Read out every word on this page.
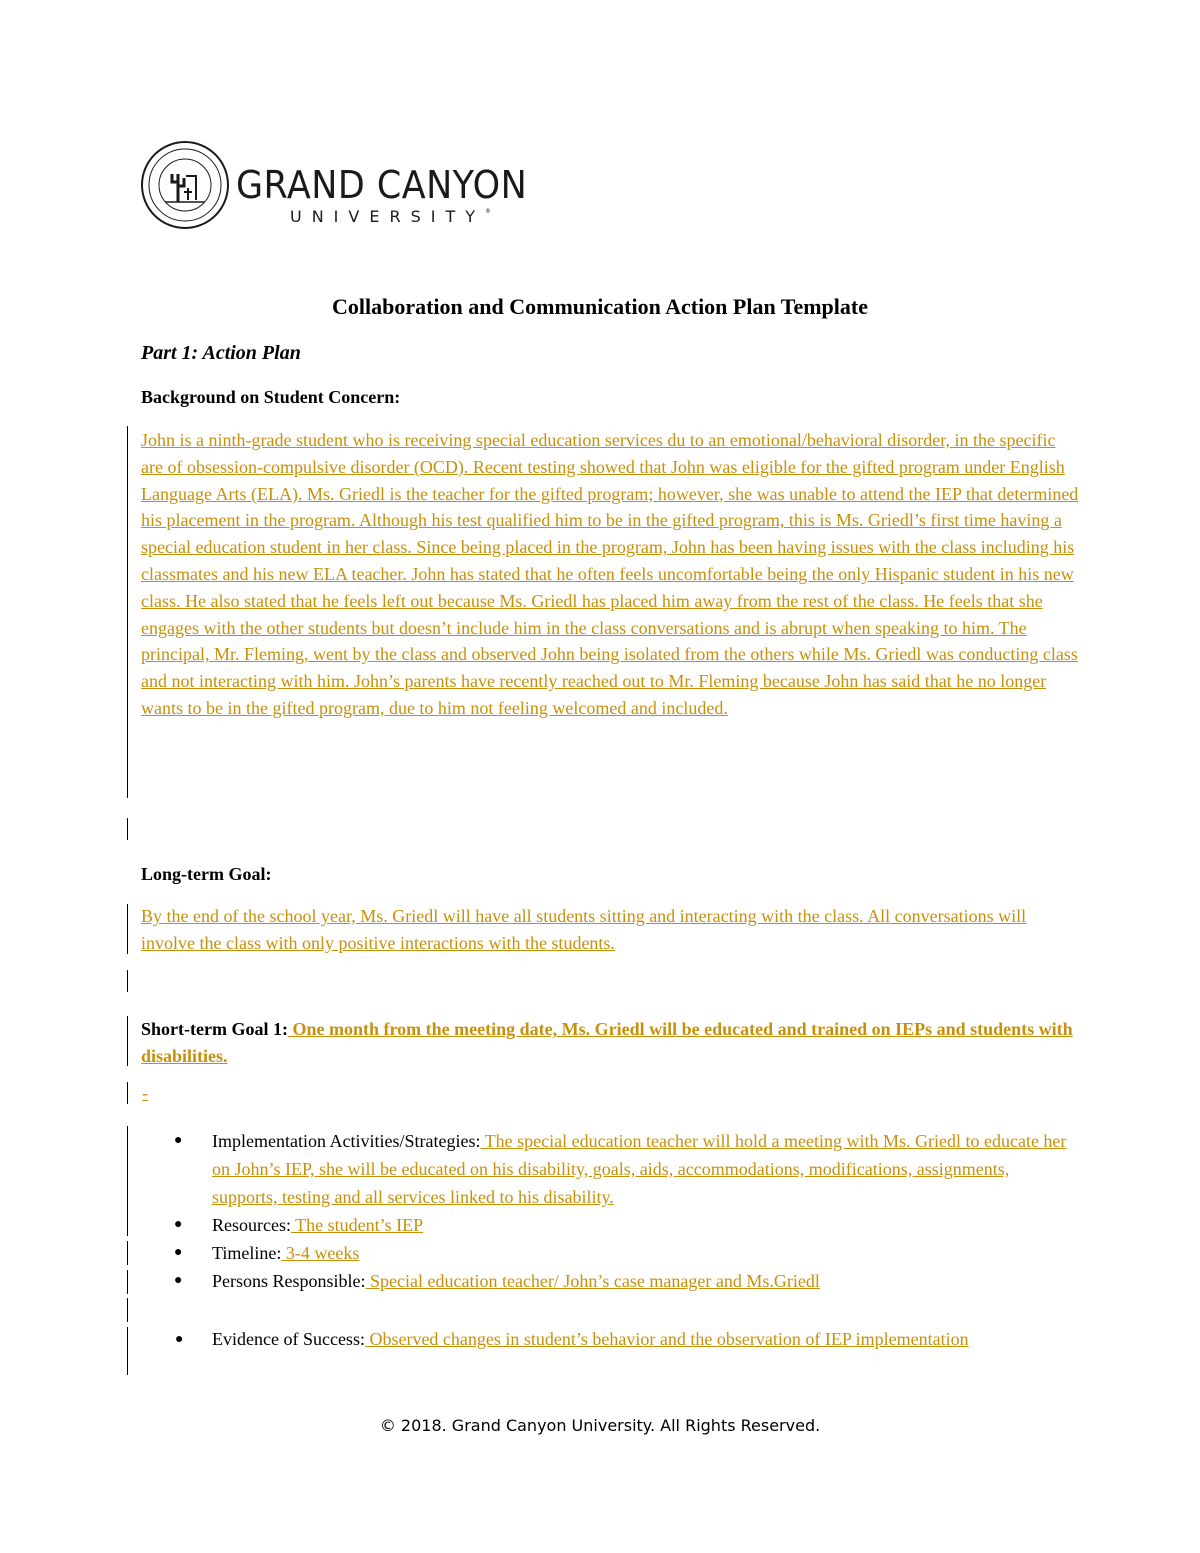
GRAND CANYON
UNIVERSITY®
Collaboration and Communication Action Plan Template
Part 1: Action Plan
Background on Student Concern:
John is a ninth-grade student who is receiving special education services du to an emotional/behavioral disorder, in the specific are of obsession-compulsive disorder (OCD). Recent testing showed that John was eligible for the gifted program under English Language Arts (ELA). Ms. Griedl is the teacher for the gifted program; however, she was unable to attend the IEP that determined his placement in the program. Although his test qualified him to be in the gifted program, this is Ms. Griedl’s first time having a special education student in her class. Since being placed in the program, John has been having issues with the class including his classmates and his new ELA teacher. John has stated that he often feels uncomfortable being the only Hispanic student in his new class. He also stated that he feels left out because Ms. Griedl has placed him away from the rest of the class. He feels that she engages with the other students but doesn’t include him in the class conversations and is abrupt when speaking to him. The principal, Mr. Fleming, went by the class and observed John being isolated from the others while Ms. Griedl was conducting class and not interacting with him. John’s parents have recently reached out to Mr. Fleming because John has said that he no longer wants to be in the gifted program, due to him not feeling welcomed and included.
Long-term Goal:
By the end of the school year, Ms. Griedl will have all students sitting and interacting with the class. All conversations will involve the class with only positive interactions with the students.
Short-term Goal 1: One month from the meeting date, Ms. Griedl will be educated and trained on IEPs and students with disabilities.
-
● Implementation Activities/Strategies: The special education teacher will hold a meeting with Ms. Griedl to educate her on John’s IEP, she will be educated on his disability, goals, aids, accommodations, modifications, assignments, supports, testing and all services linked to his disability.
● Resources: The student’s IEP
● Timeline: 3-4 weeks
● Persons Responsible: Special education teacher/ John’s case manager and Ms.Griedl
●	Evidence of Success: Observed changes in student’s behavior and the observation of IEP implementation
© 2018. Grand Canyon University. All Rights Reserved.
